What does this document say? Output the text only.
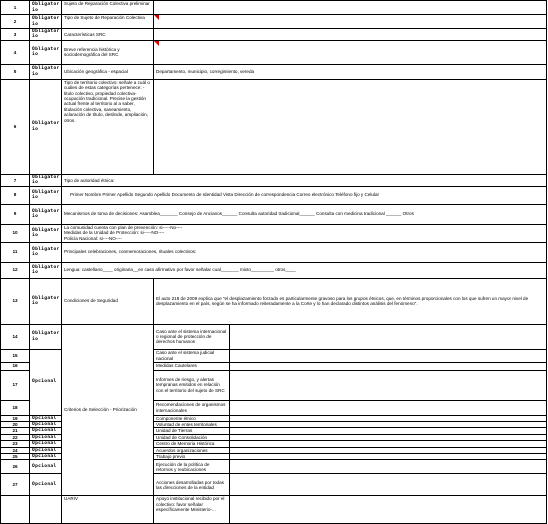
1	Obligator io	Sujeto de Reparación Colectiva preliminar		
2	Obligator io	Tipo de Sujeto de Reparación Colectiva		

3	Obligator io	Características SRC		
4	Obligator io	Breve referencia histórica y sociodemográfica del SRC		

5	Obligator io	Ubicación geográfica - espacial	Departamento, municipio, corregimiento, vereda	
6	Obligator io	Tipo de territorio colectivo: señale a cuál o cuáles de estas categorías pertenece: -titulo colectivo, propiedad colectiva- ocupación tradicional. Precise la gestión actual frente al territorio al a saber, titulación colectiva, saneamiento, aclaración de título, deslinde, ampliación, otros.		
7	Obligator io	Tipo de autoridad étnica:		
8	Obligator io	Primer Nombre Primer Apellido Segundo Apellido Documento de Identidad Vista Dirección de correspondencia Correo electrónico Teléfono fijo y Celular		
9	Obligator io	Mecanismos de toma de decisiones: Asamblea_______ Consejo de Ancianos______ Consulta autoridad tradicional______ Consulta con medicina tradicional ______ Otros		
10	Obligator io	La comunidad cuenta con plan de prevención: si-----No----
Medidas de la Unidad de Protección: si-----NO----
Policía Nacional: si----NO----		

11	Obligator io	Principales celebraciones, conmemoraciones, rituales colectivos:		
12	Obligator io	Lengua: castellano____ originaria__en caso afirmativo por favor señalar cual_______ mixto_________ otros____		
13	Obligator io	Condiciones de Seguridad	El auto 218 de 2009 explica que "el desplazamiento forzado es particularmente gravoso para los grupos étnicos, que, en términos proporcionales con los que sufren un mayor nivel de desplazamiento en el país, según se ha informado reiteradamente a la Corte y lo han declarado distintos análisis del fenómeno".	
14	Obligator io	Criterios de Selección - Priorización	Caso ante el sistema internacional o regional de protección de derechos humanos	
15	Opcional		Caso ante el sistema judicial nacional	
16			Medidas Cautelares	
17			Informes de riesgo, y alertas tempranas emitidos en relación con el territorio del sujeto de SRC	
18			Recomendaciones de organismos internacionales	
19	Opcional		Componente étnico	
20	Opcional		Voluntad de entes territoriales	
21	Opcional		Unidad de Tierras	
22	Opcional		Unidad de Consolidación	
23	Opcional		Centro de Memoria Histórica	
24	Opcional		Acuerdos organizaciones	
25	Opcional		Trabajo previo	
26	Opcional		Ejecución de la política de retornos y reubicaciones	
27	Opcional		Acciones desarrolladas por todas las direcciones de la entidad	
		UARIV	Apoyo institucional recibido por el colectivo: favor señalar específicamente Ministerio-...	
